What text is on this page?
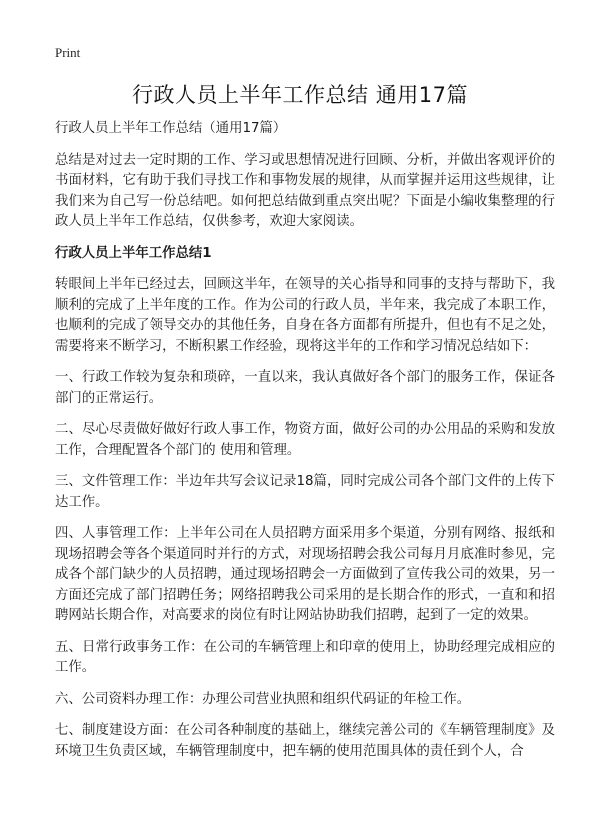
Print
行政人员上半年工作总结 通用17篇

行政人员上半年工作总结（通用17篇）

总结是对过去一定时期的工作、学习或思想情况进行回顾、分析，并做出客观评价的书面材料，它有助于我们寻找工作和事物发展的规律，从而掌握并运用这些规律，让我们来为自己写一份总结吧。如何把总结做到重点突出呢？下面是小编收集整理的行政人员上半年工作总结，仅供参考，欢迎大家阅读。

行政人员上半年工作总结1

转眼间上半年已经过去，回顾这半年，在领导的关心指导和同事的支持与帮助下，我顺利的完成了上半年度的工作。作为公司的行政人员，半年来，我完成了本职工作，也顺利的完成了领导交办的其他任务，自身在各方面都有所提升，但也有不足之处，需要将来不断学习，不断积累工作经验，现将这半年的工作和学习情况总结如下：

一、行政工作较为复杂和琐碎，一直以来，我认真做好各个部门的服务工作，保证各部门的正常运行。

二、尽心尽责做好做好行政人事工作，物资方面，做好公司的办公用品的采购和发放工作，合理配置各个部门的 使用和管理。

三、文件管理工作：半边年共写会议记录18篇，同时完成公司各个部门文件的上传下达工作。

四、人事管理工作：上半年公司在人员招聘方面采用多个渠道，分别有网络、报纸和现场招聘会等各个渠道同时并行的方式，对现场招聘会我公司每月月底准时参见，完成各个部门缺少的人员招聘，通过现场招聘会一方面做到了宣传我公司的效果，另一方面还完成了部门招聘任务；网络招聘我公司采用的是长期合作的形式，一直和和招聘网站长期合作，对高要求的岗位有时让网站协助我们招聘，起到了一定的效果。

五、日常行政事务工作：在公司的车辆管理上和印章的使用上，协助经理完成相应的工作。

六、公司资料办理工作：办理公司营业执照和组织代码证的年检工作。

七、制度建设方面：在公司各种制度的基础上，继续完善公司的《车辆管理制度》及环境卫生负责区域，车辆管理制度中，把车辆的使用范围具体的责任到个人，合
